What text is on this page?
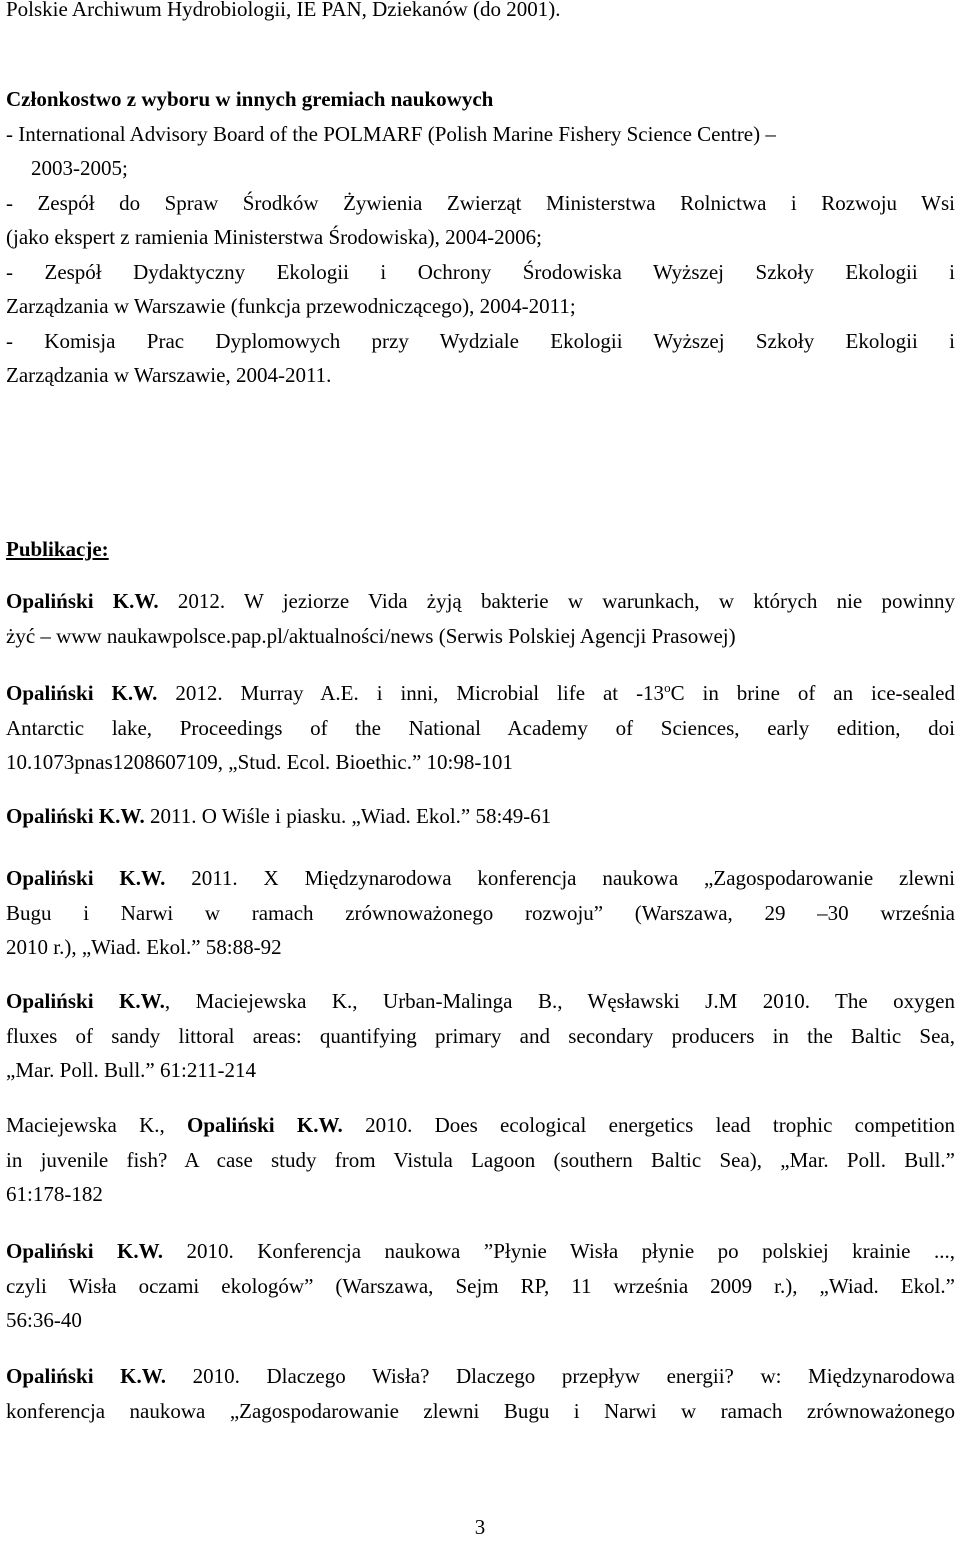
Polskie Archiwum Hydrobiologii, IE PAN, Dziekanów (do 2001).
Członkostwo z wyboru w innych gremiach naukowych
- International Advisory Board of the POLMARF (Polish Marine Fishery Science Centre) –
2003-2005;
- Zespół do Spraw Środków Żywienia Zwierząt Ministerstwa Rolnictwa i Rozwoju Wsi
(jako ekspert z ramienia Ministerstwa Środowiska), 2004-2006;
- Zespół Dydaktyczny Ekologii i Ochrony Środowiska Wyższej Szkoły Ekologii i
Zarządzania w Warszawie (funkcja przewodniczącego), 2004-2011;
- Komisja Prac Dyplomowych przy Wydziale Ekologii Wyższej Szkoły Ekologii i
Zarządzania w Warszawie, 2004-2011.
Publikacje:
Opaliński K.W. 2012. W jeziorze Vida żyją bakterie w warunkach, w których nie powinny
żyć – www naukawpolsce.pap.pl/aktualności/news (Serwis Polskiej Agencji Prasowej)
Opaliński K.W. 2012. Murray A.E. i inni, Microbial life at -13$^o$C in brine of an ice-sealed
Antarctic lake, Proceedings of the National Academy of Sciences, early edition, doi
10.1073pnas1208607109, „Stud. Ecol. Bioethic.” 10:98-101
Opaliński K.W. 2011. O Wiśle i piasku. „Wiad. Ekol.” 58:49-61
Opaliński K.W. 2011. X Międzynarodowa konferencja naukowa „Zagospodarowanie zlewni
Bugu i Narwi w ramach zrównoważonego rozwoju” (Warszawa, 29 –30 września
2010 r.), „Wiad. Ekol.” 58:88-92
Opaliński K.W., Maciejewska K., Urban-Malinga B., Węsławski J.M 2010. The oxygen
fluxes of sandy littoral areas: quantifying primary and secondary producers in the Baltic Sea,
„Mar. Poll. Bull.” 61:211-214
Maciejewska K., Opaliński K.W. 2010. Does ecological energetics lead trophic competition
in juvenile fish? A case study from Vistula Lagoon (southern Baltic Sea), „Mar. Poll. Bull.”
61:178-182
Opaliński K.W. 2010. Konferencja naukowa ”Płynie Wisła płynie po polskiej krainie ...,
czyli Wisła oczami ekologów” (Warszawa, Sejm RP, 11 września 2009 r.), „Wiad. Ekol.”
56:36-40
Opaliński K.W. 2010. Dlaczego Wisła? Dlaczego przepływ energii? w: Międzynarodowa
konferencja naukowa „Zagospodarowanie zlewni Bugu i Narwi w ramach zrównoważonego
3
